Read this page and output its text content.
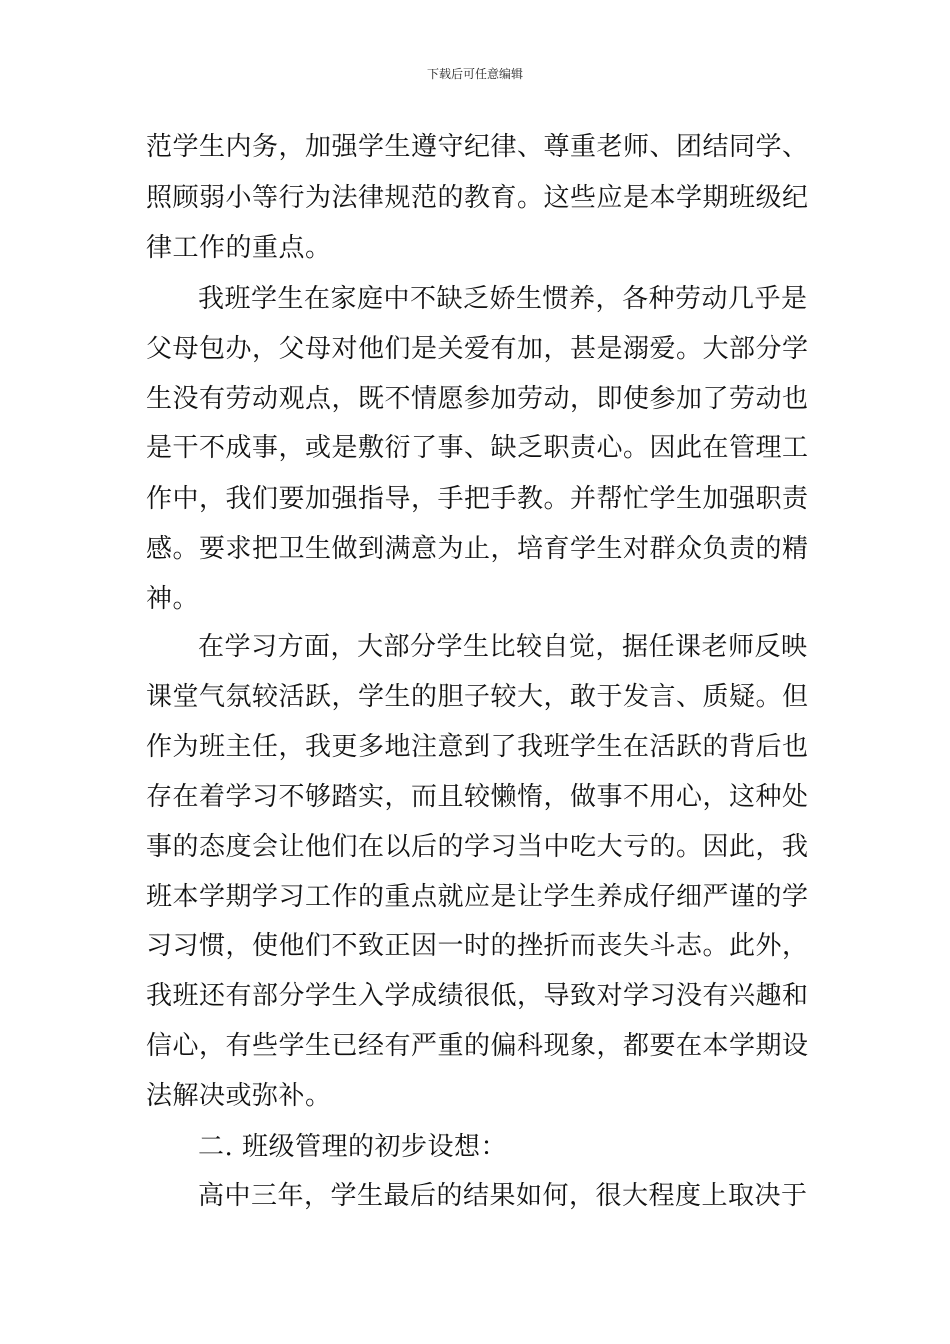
下载后可任意编辑
范学生内务，加强学生遵守纪律、尊重老师、团结同学、
照顾弱小等行为法律规范的教育。这些应是本学期班级纪
律工作的重点。
我班学生在家庭中不缺乏娇生惯养，各种劳动几乎是
父母包办，父母对他们是关爱有加，甚是溺爱。大部分学
生没有劳动观点，既不情愿参加劳动，即使参加了劳动也
是干不成事，或是敷衍了事、缺乏职责心。因此在管理工
作中，我们要加强指导，手把手教。并帮忙学生加强职责
感。要求把卫生做到满意为止，培育学生对群众负责的精
神。
在学习方面，大部分学生比较自觉，据任课老师反映
课堂气氛较活跃，学生的胆子较大，敢于发言、质疑。但
作为班主任，我更多地注意到了我班学生在活跃的背后也
存在着学习不够踏实，而且较懒惰，做事不用心，这种处
事的态度会让他们在以后的学习当中吃大亏的。因此，我
班本学期学习工作的重点就应是让学生养成仔细严谨的学
习习惯，使他们不致正因一时的挫折而丧失斗志。此外，
我班还有部分学生入学成绩很低，导致对学习没有兴趣和
信心，有些学生已经有严重的偏科现象，都要在本学期设
法解决或弥补。
二. 班级管理的初步设想：
高中三年，学生最后的结果如何，很大程度上取决于
